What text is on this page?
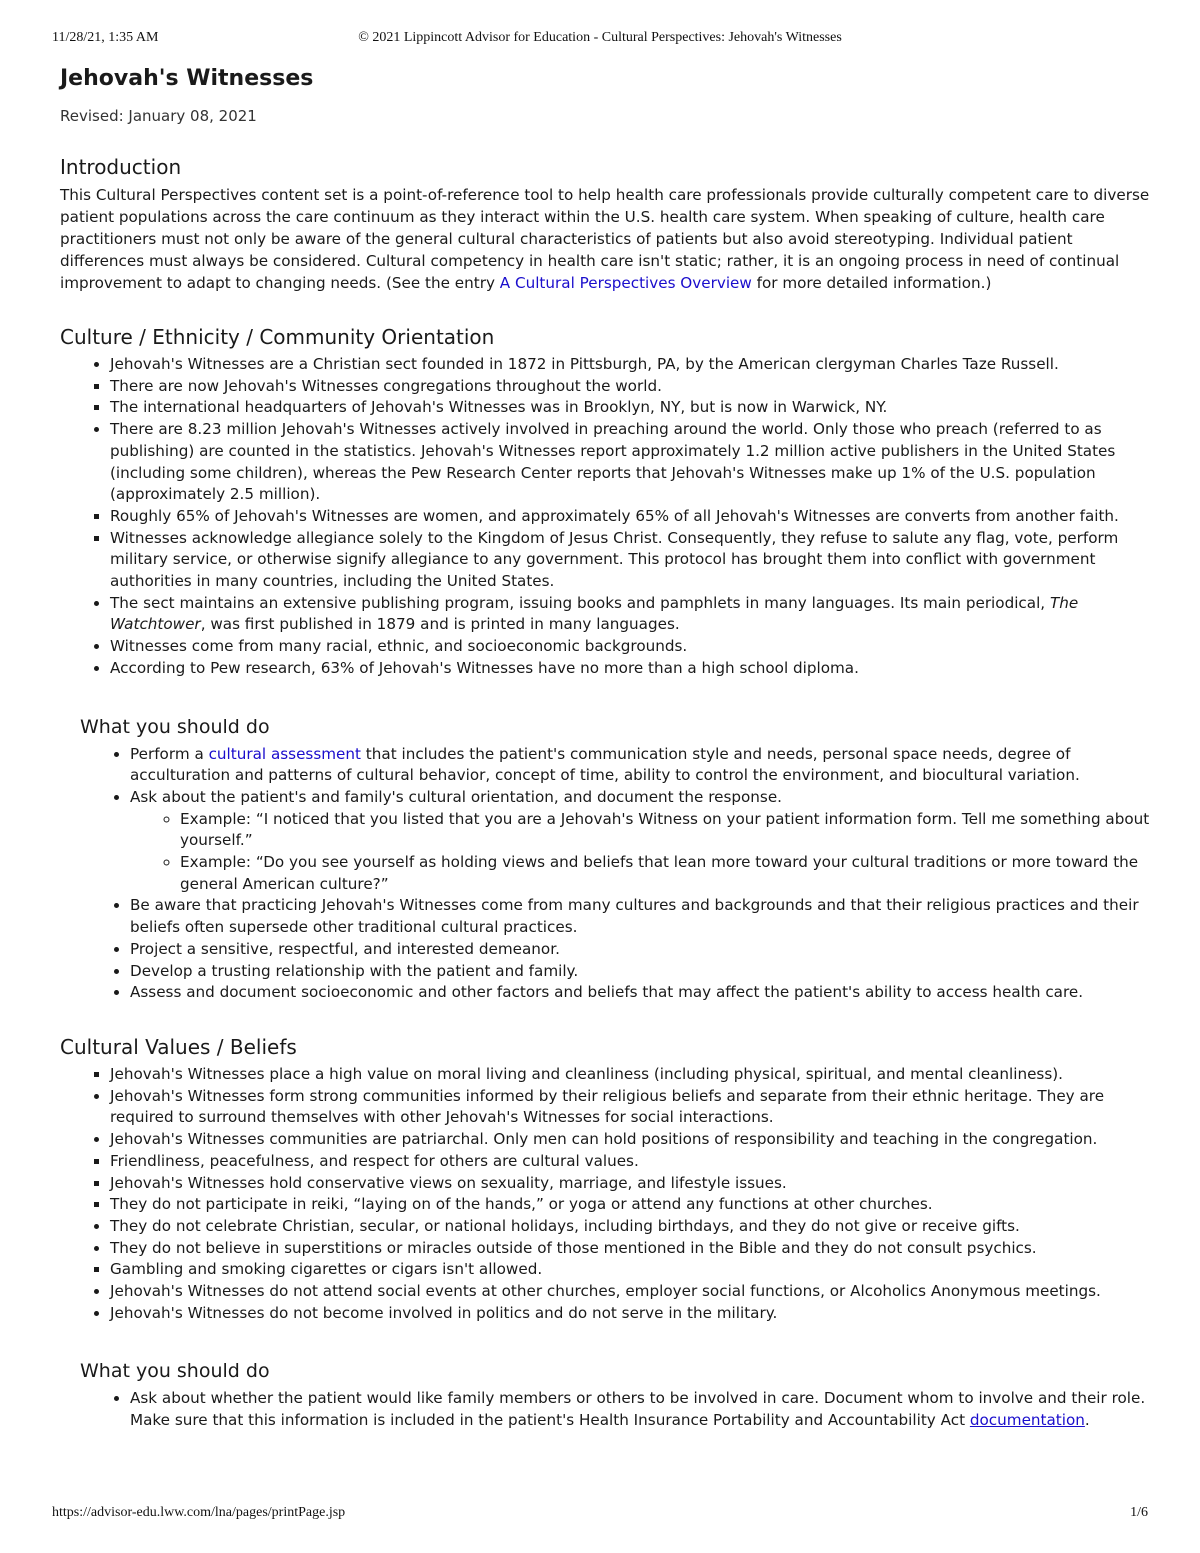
11/28/21, 1:35 AM	© 2021 Lippincott Advisor for Education - Cultural Perspectives: Jehovah's Witnesses
Jehovah's Witnesses
Revised: January 08, 2021
Introduction

This Cultural Perspectives content set is a point-of-reference tool to help health care professionals provide culturally competent care to diverse patient populations across the care continuum as they interact within the U.S. health care system. When speaking of culture, health care practitioners must not only be aware of the general cultural characteristics of patients but also avoid stereotyping. Individual patient differences must always be considered. Cultural competency in health care isn't static; rather, it is an ongoing process in need of continual improvement to adapt to changing needs. (See the entry A Cultural Perspectives Overview for more detailed information.)

Culture / Ethnicity / Community Orientation
• Jehovah's Witnesses are a Christian sect founded in 1872 in Pittsburgh, PA, by the American clergyman Charles Taze Russell.
▪ There are now Jehovah's Witnesses congregations throughout the world.
▪ The international headquarters of Jehovah's Witnesses was in Brooklyn, NY, but is now in Warwick, NY.
• There are 8.23 million Jehovah's Witnesses actively involved in preaching around the world. Only those who preach (referred to as publishing) are counted in the statistics. Jehovah's Witnesses report approximately 1.2 million active publishers in the United States (including some children), whereas the Pew Research Center reports that Jehovah's Witnesses make up 1% of the U.S. population (approximately 2.5 million).
▪ Roughly 65% of Jehovah's Witnesses are women, and approximately 65% of all Jehovah's Witnesses are converts from another faith.
▪ Witnesses acknowledge allegiance solely to the Kingdom of Jesus Christ. Consequently, they refuse to salute any flag, vote, perform military service, or otherwise signify allegiance to any government. This protocol has brought them into conflict with government authorities in many countries, including the United States.
• The sect maintains an extensive publishing program, issuing books and pamphlets in many languages. Its main periodical, The Watchtower, was first published in 1879 and is printed in many languages.
• Witnesses come from many racial, ethnic, and socioeconomic backgrounds.
• According to Pew research, 63% of Jehovah's Witnesses have no more than a high school diploma.
What you should do
• Perform a cultural assessment that includes the patient's communication style and needs, personal space needs, degree of acculturation and patterns of cultural behavior, concept of time, ability to control the environment, and biocultural variation.
• Ask about the patient's and family's cultural orientation, and document the response.
◦ Example: “I noticed that you listed that you are a Jehovah's Witness on your patient information form. Tell me something about yourself.”
◦ Example: “Do you see yourself as holding views and beliefs that lean more toward your cultural traditions or more toward the general American culture?”
• Be aware that practicing Jehovah's Witnesses come from many cultures and backgrounds and that their religious practices and their beliefs often supersede other traditional cultural practices.
• Project a sensitive, respectful, and interested demeanor.
• Develop a trusting relationship with the patient and family.
• Assess and document socioeconomic and other factors and beliefs that may affect the patient's ability to access health care.
Cultural Values / Beliefs
▪ Jehovah's Witnesses place a high value on moral living and cleanliness (including physical, spiritual, and mental cleanliness).
• Jehovah's Witnesses form strong communities informed by their religious beliefs and separate from their ethnic heritage. They are required to surround themselves with other Jehovah's Witnesses for social interactions.
• Jehovah's Witnesses communities are patriarchal. Only men can hold positions of responsibility and teaching in the congregation.
▪ Friendliness, peacefulness, and respect for others are cultural values.
▪ Jehovah's Witnesses hold conservative views on sexuality, marriage, and lifestyle issues.
▪ They do not participate in reiki, “laying on of the hands,” or yoga or attend any functions at other churches.
• They do not celebrate Christian, secular, or national holidays, including birthdays, and they do not give or receive gifts.
• They do not believe in superstitions or miracles outside of those mentioned in the Bible and they do not consult psychics.
▪ Gambling and smoking cigarettes or cigars isn't allowed.
• Jehovah's Witnesses do not attend social events at other churches, employer social functions, or Alcoholics Anonymous meetings.
• Jehovah's Witnesses do not become involved in politics and do not serve in the military.
What you should do
• Ask about whether the patient would like family members or others to be involved in care. Document whom to involve and their role. Make sure that this information is included in the patient's Health Insurance Portability and Accountability Act documentation.
https://advisor-edu.lww.com/lna/pages/printPage.jsp	1/6
